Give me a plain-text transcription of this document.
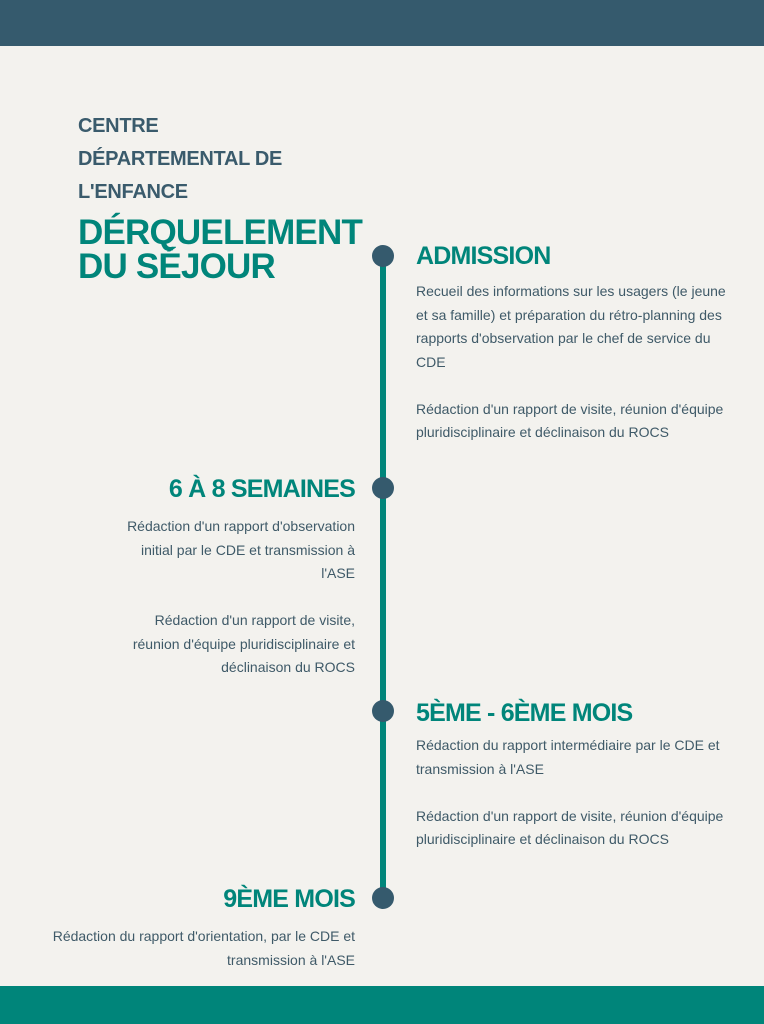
CENTRE
DÉPARTEMENTAL DE
L'ENFANCE
DÉRQUELEMENT
DU SÉJOUR	ADMISSION
Recueil des informations sur les usagers (le jeune et sa famille) et préparation du rétro-planning des rapports d'observation par le chef de service du CDE
Rédaction d'un rapport de visite, réunion d'équipe pluridisciplinaire et déclinaison du ROCS
6 À 8 SEMAINES
Rédaction d'un rapport d'observation initial par le CDE et transmission à l'ASE
Rédaction d'un rapport de visite, réunion d'équipe pluridisciplinaire et déclinaison du ROCS
5ÈME - 6ÈME MOIS
Rédaction du rapport intermédiaire par le CDE et transmission à l'ASE
Rédaction d'un rapport de visite, réunion d'équipe pluridisciplinaire et déclinaison du ROCS
9ÈME MOIS
Rédaction du rapport d'orientation, par le CDE et transmission à l'ASE
